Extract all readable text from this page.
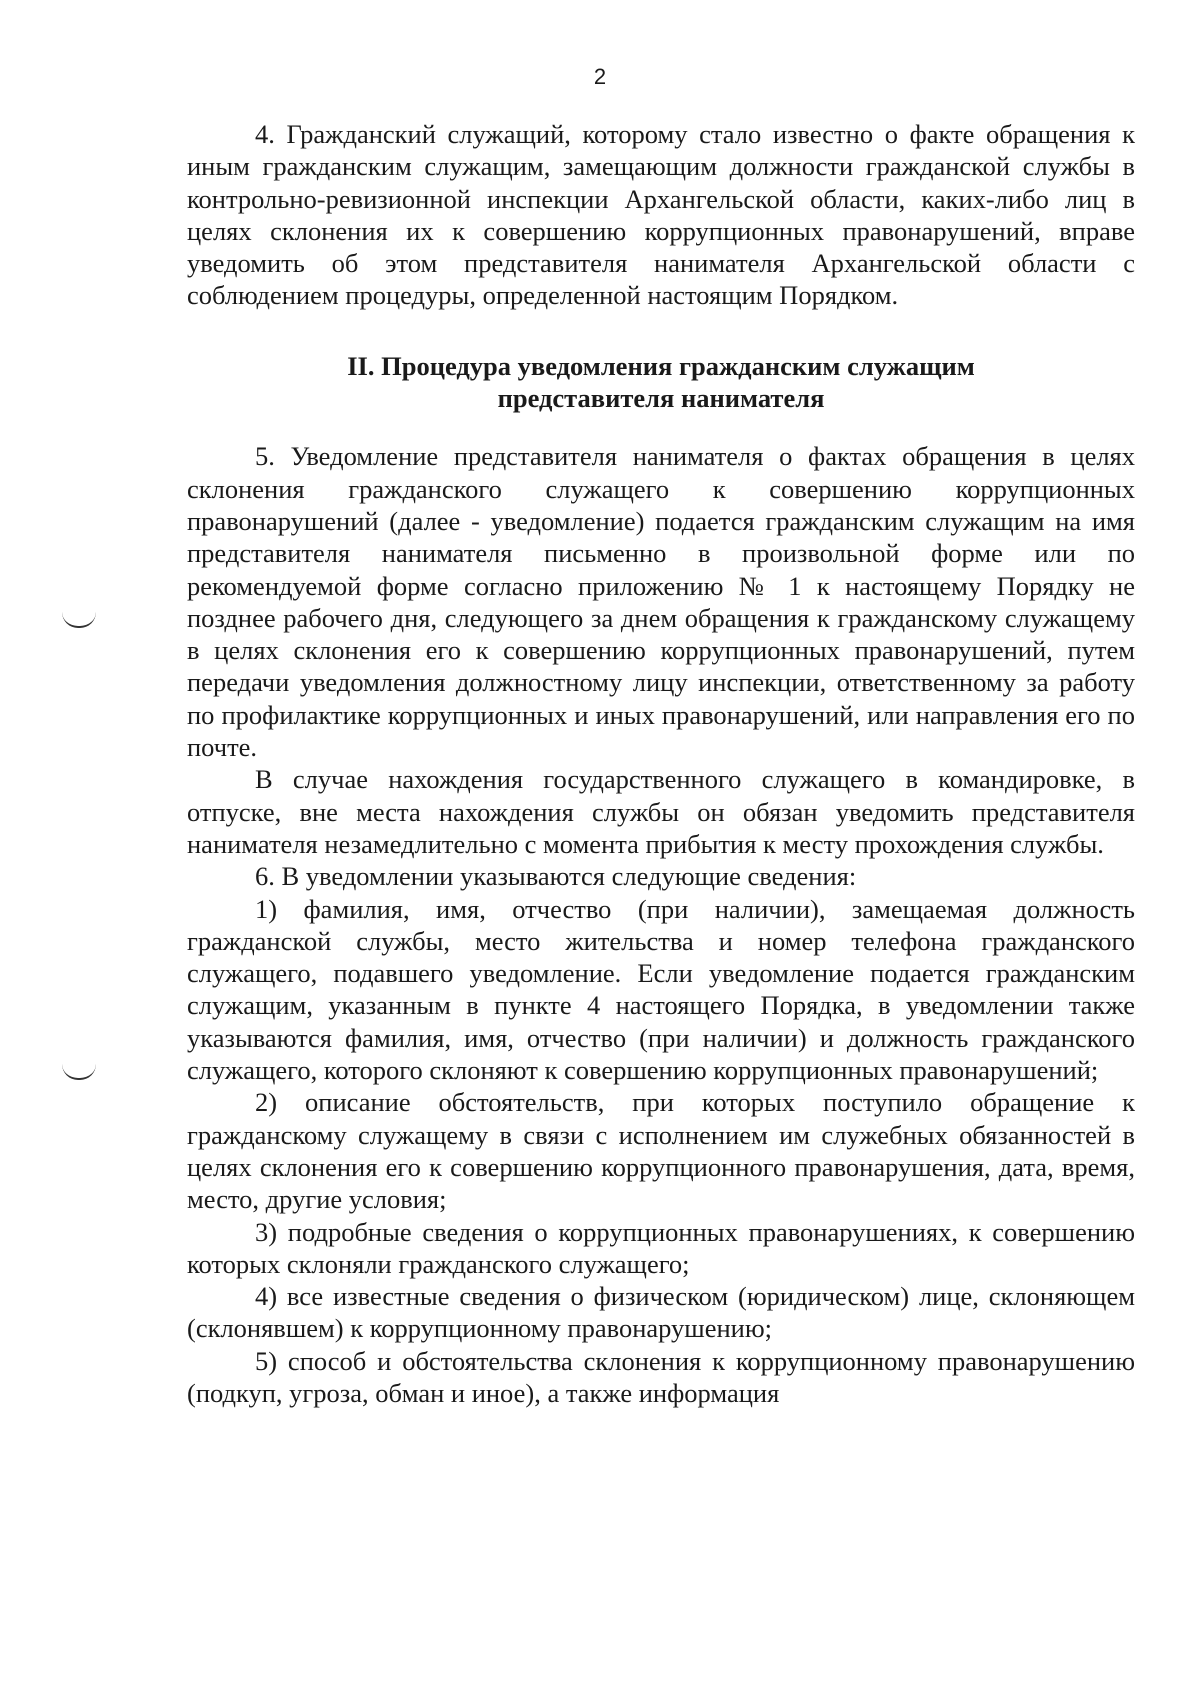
2

4. Гражданский служащий, которому стало известно о факте обращения к иным гражданским служащим, замещающим должности гражданской службы в контрольно-ревизионной инспекции Архангельской области, каких-либо лиц в целях склонения их к совершению коррупционных правонарушений, вправе уведомить об этом представителя нанимателя Архангельской области с соблюдением процедуры, определенной настоящим Порядком.

II. Процедура уведомления гражданским служащим
представителя нанимателя

5. Уведомление представителя нанимателя о фактах обращения в целях склонения гражданского служащего к совершению коррупционных правонарушений (далее - уведомление) подается гражданским служащим на имя представителя нанимателя письменно в произвольной форме или по рекомендуемой форме согласно приложению № 1 к настоящему Порядку не позднее рабочего дня, следующего за днем обращения к гражданскому служащему в целях склонения его к совершению коррупционных правонарушений, путем передачи уведомления должностному лицу инспекции, ответственному за работу по профилактике коррупционных и иных правонарушений, или направления его по почте.

В случае нахождения государственного служащего в командировке, в отпуске, вне места нахождения службы он обязан уведомить представителя нанимателя незамедлительно с момента прибытия к месту прохождения службы.

6. В уведомлении указываются следующие сведения:

1) фамилия, имя, отчество (при наличии), замещаемая должность гражданской службы, место жительства и номер телефона гражданского служащего, подавшего уведомление. Если уведомление подается гражданским служащим, указанным в пункте 4 настоящего Порядка, в уведомлении также указываются фамилия, имя, отчество (при наличии) и должность гражданского служащего, которого склоняют к совершению коррупционных правонарушений;

2) описание обстоятельств, при которых поступило обращение к гражданскому служащему в связи с исполнением им служебных обязанностей в целях склонения его к совершению коррупционного правонарушения, дата, время, место, другие условия;

3) подробные сведения о коррупционных правонарушениях, к совершению которых склоняли гражданского служащего;

4) все известные сведения о физическом (юридическом) лице, склоняющем (склонявшем) к коррупционному правонарушению;

5) способ и обстоятельства склонения к коррупционному правонарушению (подкуп, угроза, обман и иное), а также информация
